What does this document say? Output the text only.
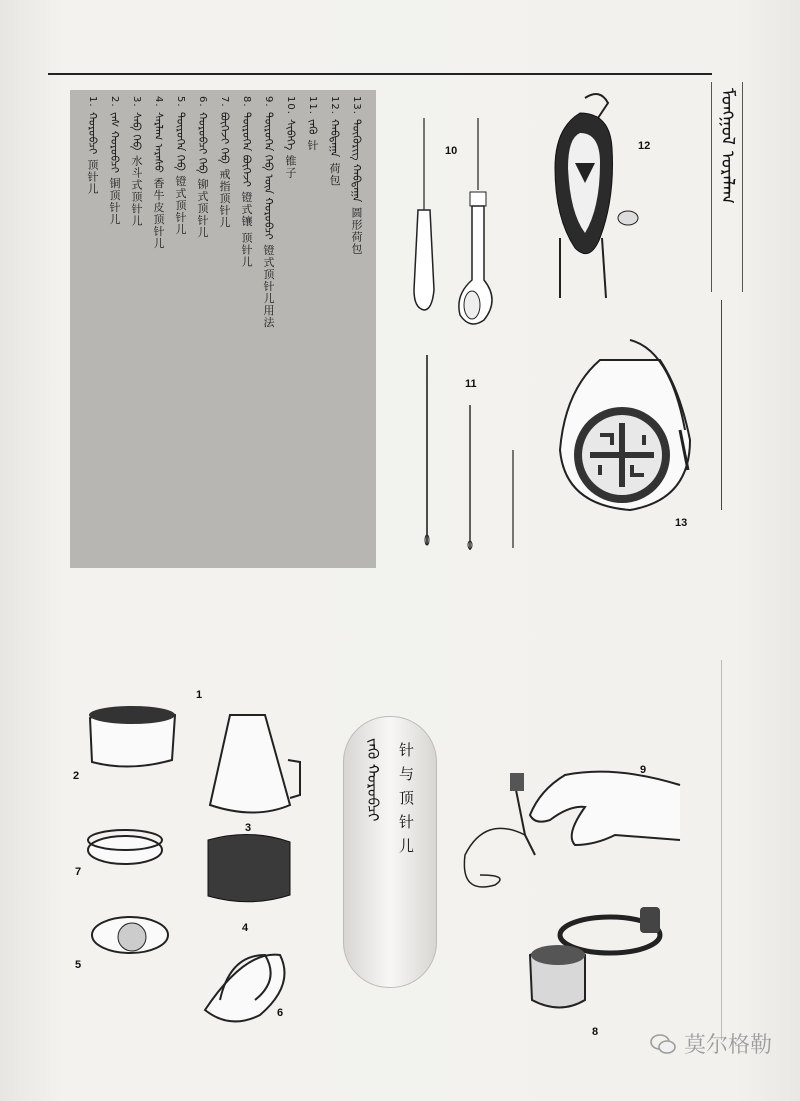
ᠮᠣᠩᠭᠣᠯ
ᠤᠷᠠᠯᠠᠭ
13. ᠲᠥᠭᠥᠷᠢᠭ ᠬᠠᠪᠲᠠᠭᠠ 圆形荷包
12. ᠬᠠᠪᠲᠠᠭᠠ 荷包
11. ᠵᠡᠭᠦ 针
10. ᠰᠢᠪᠡᠭᠡ 锥子
9. ᠳᠦᠷᠦᠭᠡᠨ ᠬᠡᠪ ᠦᠨ ᠬᠤᠷᠤᠪᠴᠢ 镫式顶针儿用法
8. ᠳᠦᠷᠦᠭᠡᠨ ᠪᠥᠭᠡᠵᠢ 镫式镶 顶针儿
7. ᠪᠥᠭᠡᠵᠢ ᠬᠡᠪ 戒指顶针儿
6. ᠬᠤᠷᠤᠪᠴᠢ ᠬᠡᠪ 铆式顶针儿
5. ᠳᠦᠷᠦᠭᠡᠨ ᠬᠡᠪ 镫式顶针儿
4. ᠰᠠᠷᠯᠠᠭ ᠠᠷᠠᠰᠤ 香牛皮顶针儿
3. ᠰᠠᠪ ᠬᠡᠪ 水斗式顶针儿
2. ᠵᠡᠰ ᠬᠤᠷᠤᠪᠴᠢ 铜顶针儿
1. ᠬᠤᠷᠤᠪᠴᠢ 顶针儿
1
2
3
4
5
6
7
8
9
10
11
12
13
ᠵᠡᠭᠦ ᠬᠤᠷᠤᠪᠴᠢ 针与顶针儿
莫尔格勒
